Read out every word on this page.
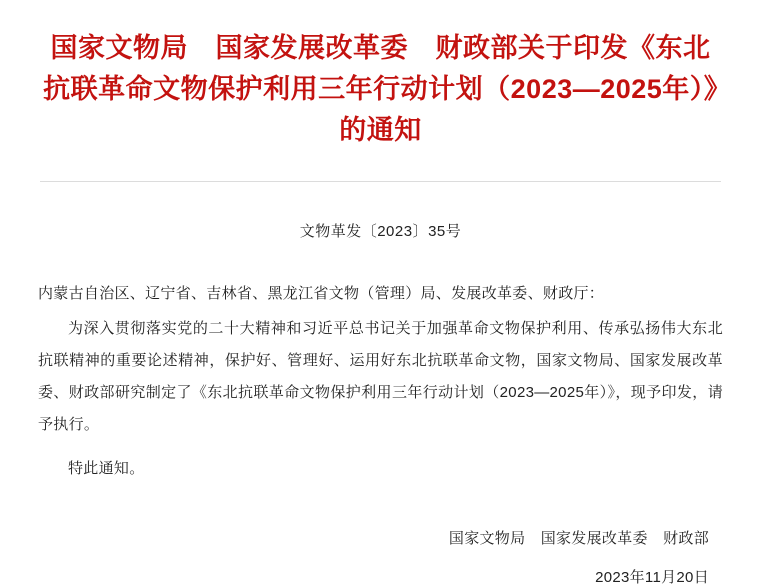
国家文物局　国家发展改革委　财政部关于印发《东北抗联革命文物保护利用三年行动计划（2023—2025年）》的通知
文物革发〔2023〕35号
内蒙古自治区、辽宁省、吉林省、黑龙江省文物（管理）局、发展改革委、财政厅：
为深入贯彻落实党的二十大精神和习近平总书记关于加强革命文物保护利用、传承弘扬伟大东北抗联精神的重要论述精神，保护好、管理好、运用好东北抗联革命文物，国家文物局、国家发展改革委、财政部研究制定了《东北抗联革命文物保护利用三年行动计划（2023—2025年）》，现予印发，请予执行。
特此通知。
国家文物局　国家发展改革委　财政部
2023年11月20日
